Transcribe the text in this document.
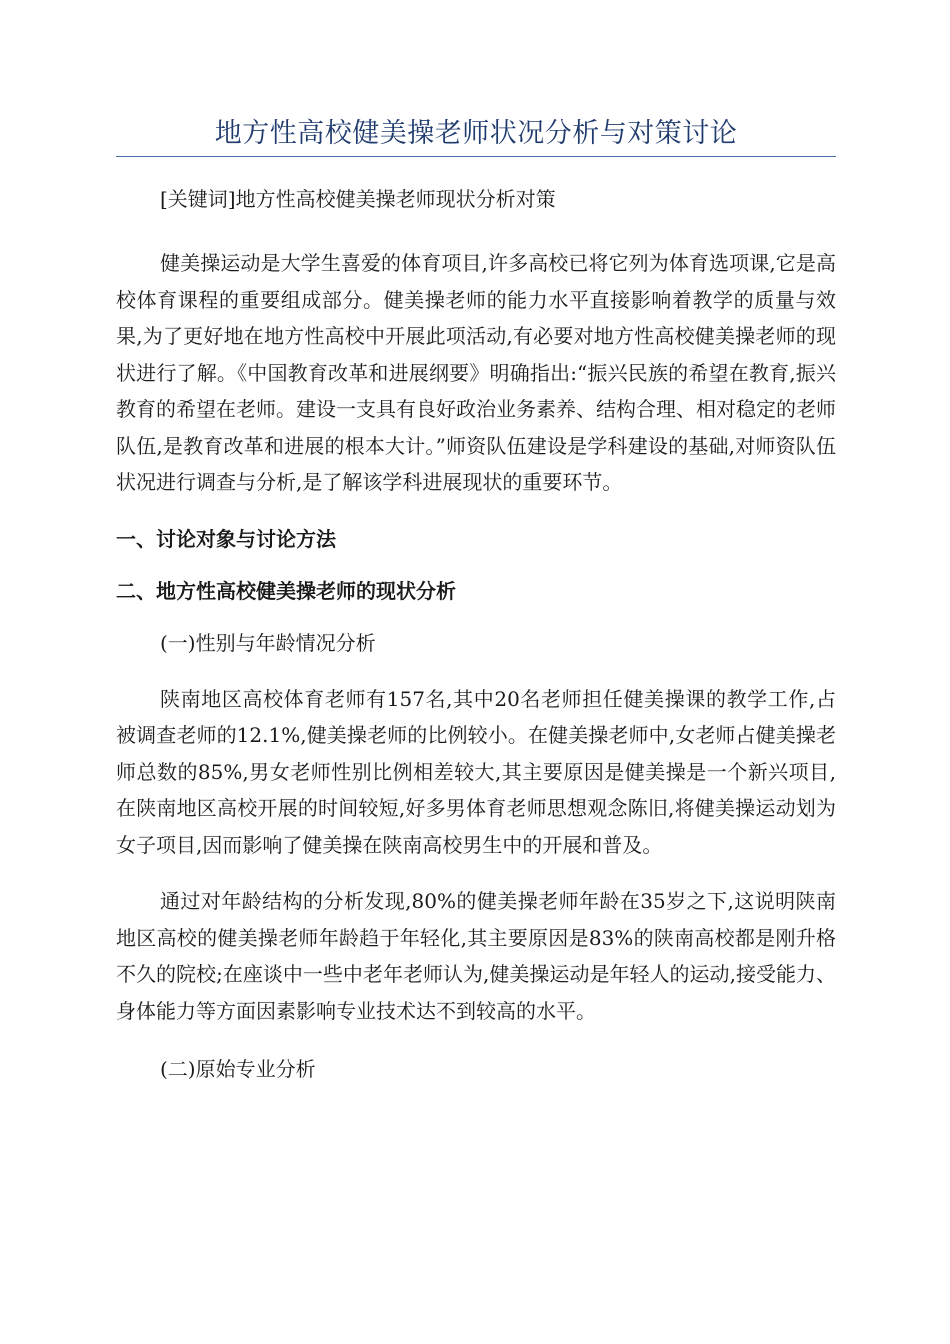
地方性高校健美操老师状况分析与对策讨论

[关键词]地方性高校健美操老师现状分析对策

健美操运动是大学生喜爱的体育项目,许多高校已将它列为体育选项课,它是高校体育课程的重要组成部分。健美操老师的能力水平直接影响着教学的质量与效果,为了更好地在地方性高校中开展此项活动,有必要对地方性高校健美操老师的现状进行了解。《中国教育改革和进展纲要》明确指出:“振兴民族的希望在教育,振兴教育的希望在老师。建设一支具有良好政治业务素养、结构合理、相对稳定的老师队伍,是教育改革和进展的根本大计。”师资队伍建设是学科建设的基础,对师资队伍状况进行调查与分析,是了解该学科进展现状的重要环节。

一、讨论对象与讨论方法
二、地方性高校健美操老师的现状分析

(一)性别与年龄情况分析

陕南地区高校体育老师有157名,其中20名老师担任健美操课的教学工作,占被调查老师的12.1%,健美操老师的比例较小。在健美操老师中,女老师占健美操老师总数的85%,男女老师性别比例相差较大,其主要原因是健美操是一个新兴项目,在陕南地区高校开展的时间较短,好多男体育老师思想观念陈旧,将健美操运动划为女子项目,因而影响了健美操在陕南高校男生中的开展和普及。

通过对年龄结构的分析发现,80%的健美操老师年龄在35岁之下,这说明陕南地区高校的健美操老师年龄趋于年轻化,其主要原因是83%的陕南高校都是刚升格不久的院校;在座谈中一些中老年老师认为,健美操运动是年轻人的运动,接受能力、身体能力等方面因素影响专业技术达不到较高的水平。

(二)原始专业分析
